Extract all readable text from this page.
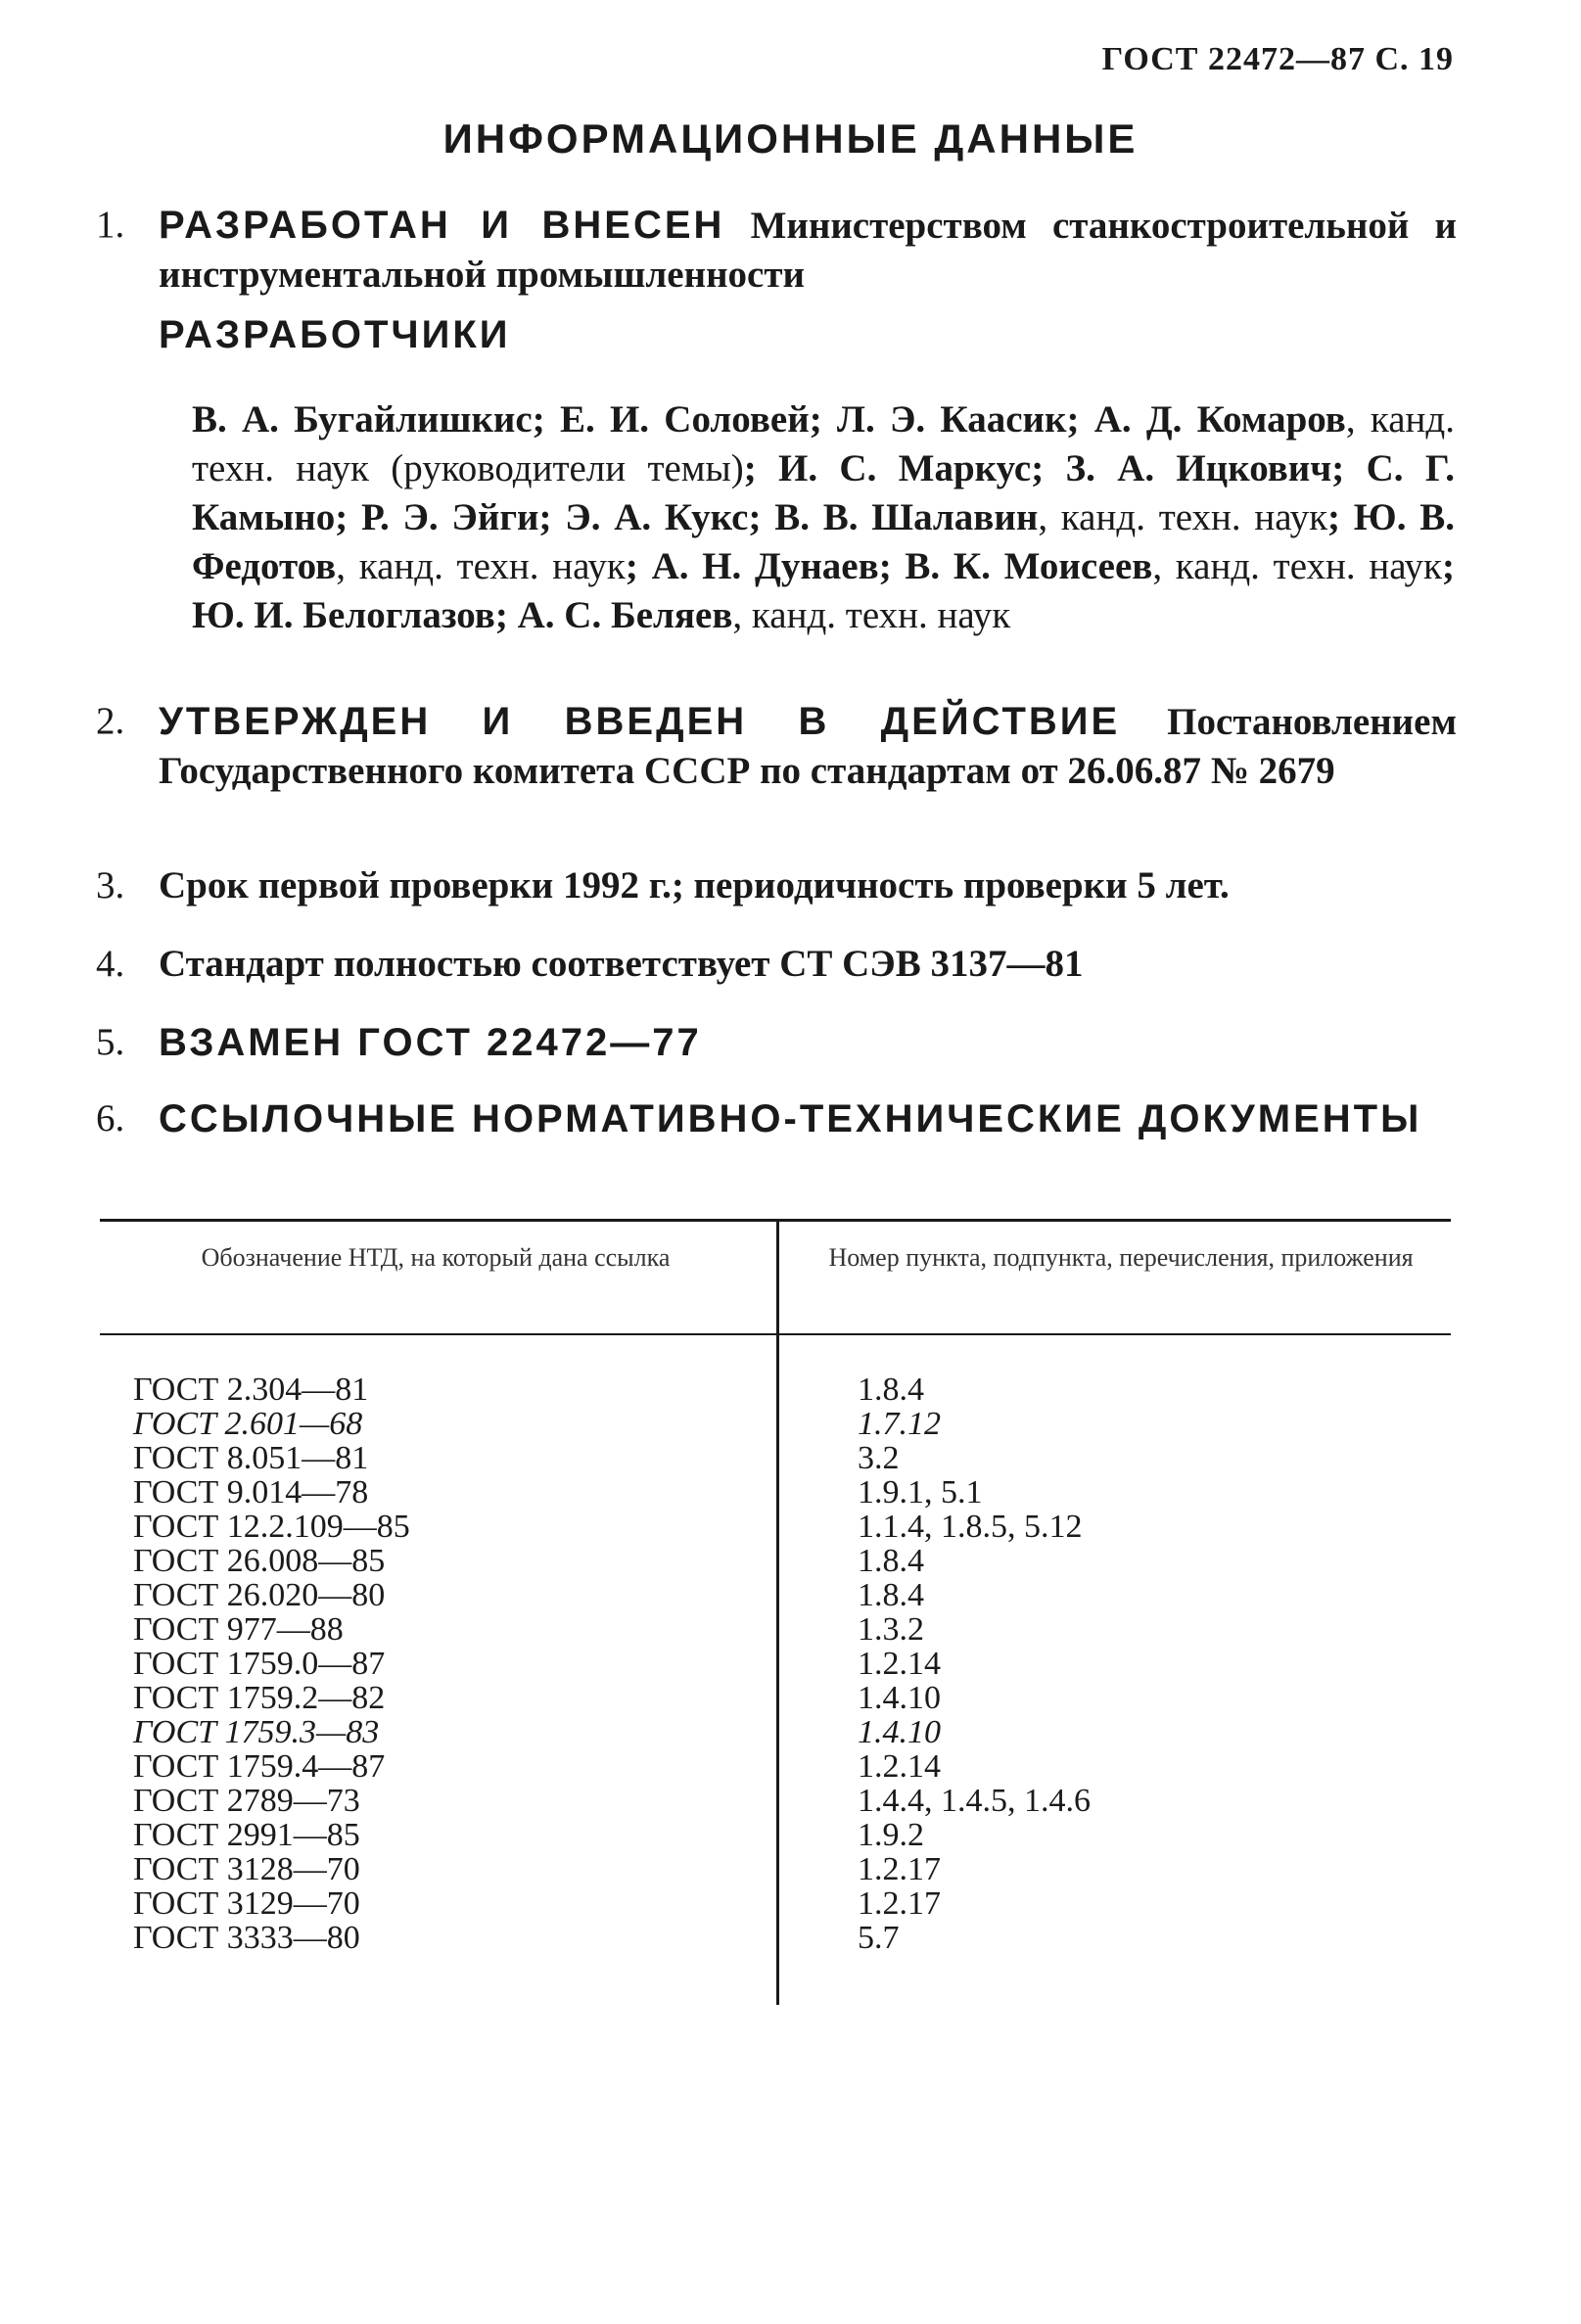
ГОСТ 22472—87 С. 19
ИНФОРМАЦИОННЫЕ ДАННЫЕ
1. РАЗРАБОТАН И ВНЕСЕН Министерством станкостроительной и инструментальной промышленности
РАЗРАБОТЧИКИ
В. А. Бугайлишкис; Е. И. Соловей; Л. Э. Каасик; А. Д. Комаров, канд. техн. наук (руководители темы); И. С. Маркус; З. А. Ицкович; С. Г. Камыно; Р. Э. Эйги; Э. А. Кукс; В. В. Шалавин, канд. техн. наук; Ю. В. Федотов, канд. техн. наук; А. Н. Дунаев; В. К. Моисеев, канд. техн. наук; Ю. И. Белоглазов; А. С. Беляев, канд. техн. наук
2. УТВЕРЖДЕН И ВВЕДЕН В ДЕЙСТВИЕ Постановлением Государственного комитета СССР по стандартам от 26.06.87 № 2679
3. Срок первой проверки 1992 г.; периодичность проверки 5 лет.
4. Стандарт полностью соответствует СТ СЭВ 3137—81
5. ВЗАМЕН ГОСТ 22472—77
6. ССЫЛОЧНЫЕ НОРМАТИВНО-ТЕХНИЧЕСКИЕ ДОКУМЕНТЫ
Обозначение НТД, на который дана ссылка	Номер пункта, подпункта, перечисления, приложения
ГОСТ 2.304—81
ГОСТ 2.601—68
ГОСТ 8.051—81
ГОСТ 9.014—78
ГОСТ 12.2.109—85
ГОСТ 26.008—85
ГОСТ 26.020—80
ГОСТ 977—88
ГОСТ 1759.0—87
ГОСТ 1759.2—82
ГОСТ 1759.3—83
ГОСТ 1759.4—87
ГОСТ 2789—73
ГОСТ 2991—85
ГОСТ 3128—70
ГОСТ 3129—70
ГОСТ 3333—80
1.8.4
1.7.12
3.2
1.9.1, 5.1
1.1.4, 1.8.5, 5.12
1.8.4
1.8.4
1.3.2
1.2.14
1.4.10
1.4.10
1.2.14
1.4.4, 1.4.5, 1.4.6
1.9.2
1.2.17
1.2.17
5.7
